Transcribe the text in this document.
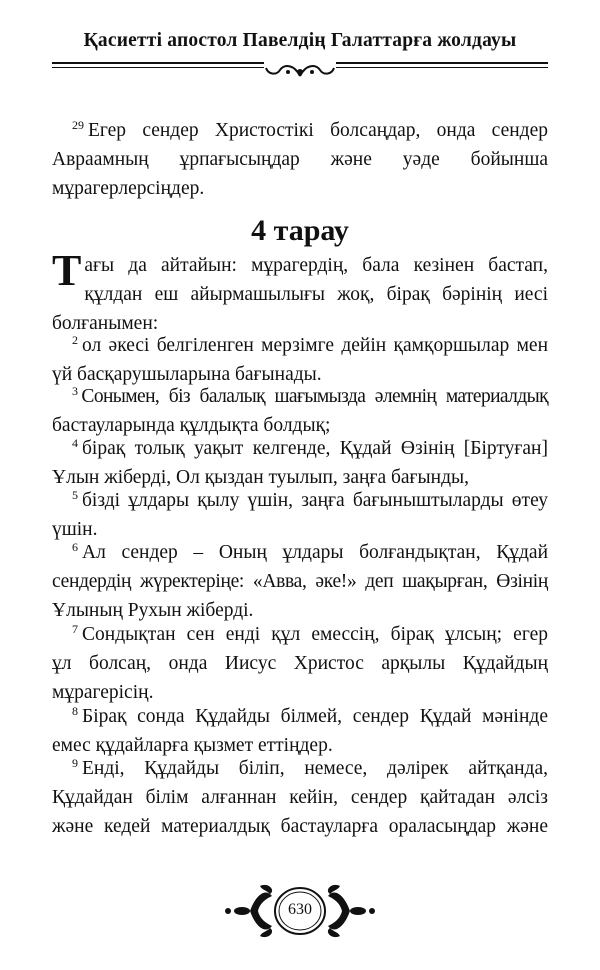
Қасиетті апостол Павелдің Галаттарға жолдауы
$^{29}$ Егер сендер Христостікі болсаңдар, онда сендер
Авраамның ұрпағысыңдар және уәде бойынша
мұрагерлерсіңдер.
4 тарау
Т ағы да айтайын: мұрагердің, бала кезінен бастап,
құлдан еш айырмашылығы жоқ, бірақ бәрінің иесі
болғанымен:
$^2$ ол әкесі белгіленген мерзімге дейін қамқоршылар мен
үй басқарушыларына бағынады.
$^3$ Сонымен, біз балалық шағымызда әлемнің материалдық
бастауларында құлдықта болдық;
$^4$ бірақ толық уақыт келгенде, Құдай Өзінің [Біртуған]
Ұлын жіберді, Ол қыздан туылып, заңға бағынды,
$^5$ бізді ұлдары қылу үшін, заңға бағыныштыларды өтеу
үшін.
$^6$ Ал сендер – Оның ұлдары болғандықтан, Құдай
сендердің жүректеріңе: «Авва, әке!» деп шақырған, Өзінің
Ұлының Рухын жіберді.
$^7$ Сондықтан сен енді құл емессің, бірақ ұлсың; егер
ұл болсаң, онда Иисус Христос арқылы Құдайдың
мұрагерісің.
$^8$ Бірақ сонда Құдайды білмей, сендер Құдай мәнінде
емес құдайларға қызмет еттіңдер.
$^9$ Енді, Құдайды біліп, немесе, дәлірек айтқанда,
Құдайдан білім алғаннан кейін, сендер қайтадан әлсіз
және кедей материалдық бастауларға ораласыңдар және
630
